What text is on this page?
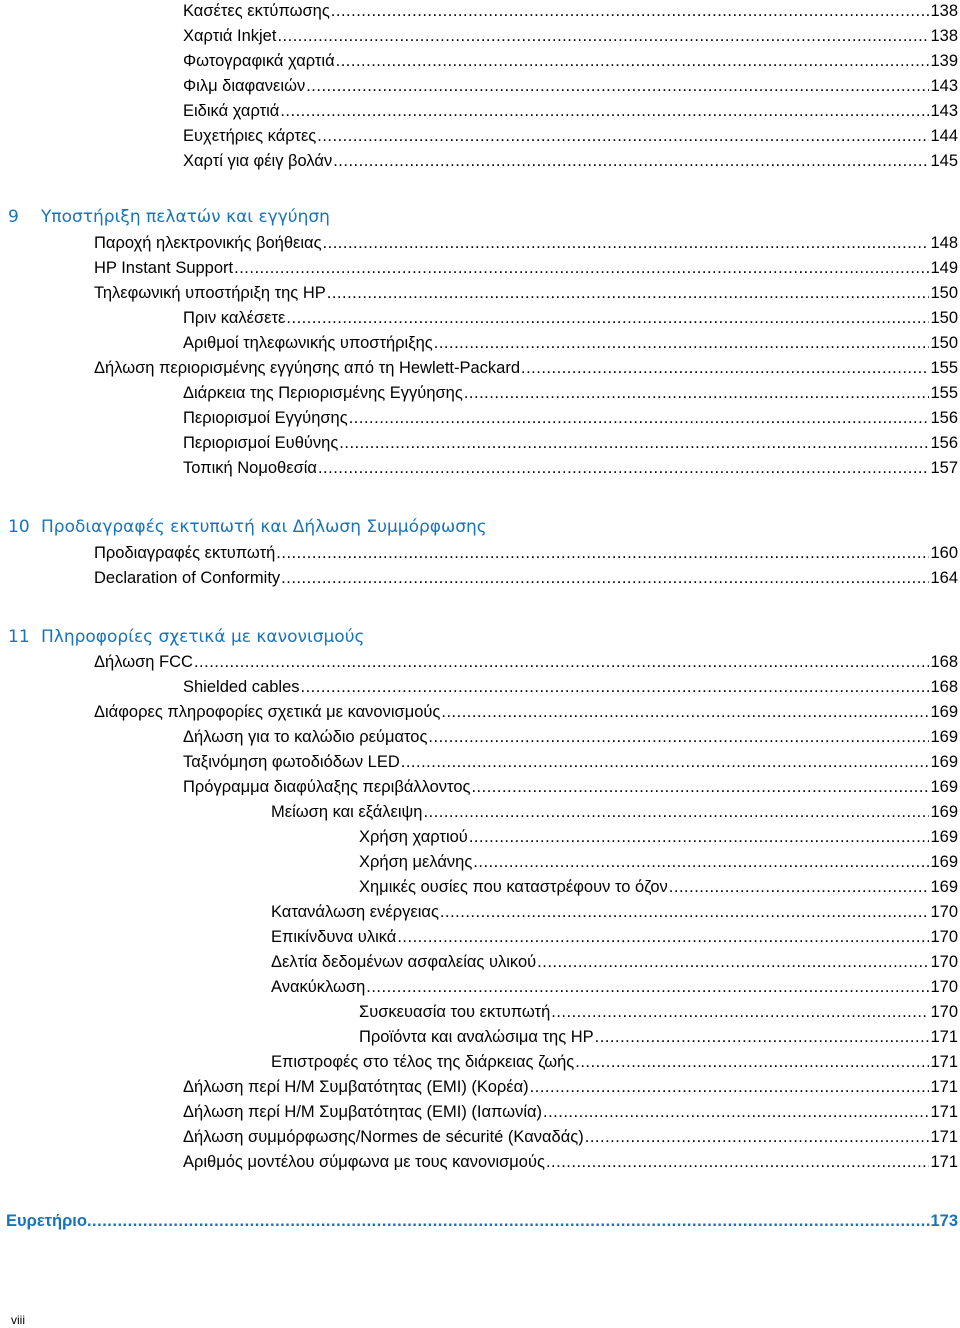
Κασέτες εκτύπωσης .....	138
Χαρτιά Inkjet .....	138
Φωτογραφικά χαρτιά .....	139
Φιλμ διαφανειών .....	143
Ειδικά χαρτιά .....	143
Ευχετήριες κάρτες .....	144
Χαρτί για φέιγ βολάν .....	145
9 Υποστήριξη πελατών και εγγύηση
Παροχή ηλεκτρονικής βοήθειας .....	148
HP Instant Support .....	149
Τηλεφωνική υποστήριξη της HP .....	150
Πριν καλέσετε .....	150
Αριθμοί τηλεφωνικής υποστήριξης .....	150
Δήλωση περιορισμένης εγγύησης από τη Hewlett-Packard .....	155
Διάρκεια της Περιορισμένης Εγγύησης .....	155
Περιορισμοί Εγγύησης .....	156
Περιορισμοί Ευθύνης .....	156
Τοπική Νομοθεσία .....	157
10 Προδιαγραφές εκτυπωτή και Δήλωση Συμμόρφωσης
Προδιαγραφές εκτυπωτή .....	160
Declaration of Conformity .....	164
11 Πληροφορίες σχετικά με κανονισμούς
Δήλωση FCC .....	168
Shielded cables .....	168
Διάφορες πληροφορίες σχετικά με κανονισμούς .....	169
Δήλωση για το καλώδιο ρεύματος .....	169
Ταξινόμηση φωτοδιόδων LED .....	169
Πρόγραμμα διαφύλαξης περιβάλλοντος .....	169
Μείωση και εξάλειψη .....	169
Χρήση χαρτιού .....	169
Χρήση μελάνης .....	169
Χημικές ουσίες που καταστρέφουν το όζον .....	169
Κατανάλωση ενέργειας .....	170
Επικίνδυνα υλικά .....	170
Δελτία δεδομένων ασφαλείας υλικού .....	170
Ανακύκλωση .....	170
Συσκευασία του εκτυπωτή .....	170
Προϊόντα και αναλώσιμα της HP .....	171
Επιστροφές στο τέλος της διάρκειας ζωής .....	171
Δήλωση περί Η/Μ Συμβατότητας (EMI) (Κορέα) .....	171
Δήλωση περί Η/Μ Συμβατότητας (EMI) (Ιαπωνία) .....	171
Δήλωση συμμόρφωσης/Normes de sécurité (Καναδάς) .....	171
Αριθμός μοντέλου σύμφωνα με τους κανονισμούς .....	171
Ευρετήριο .....	173
viii
